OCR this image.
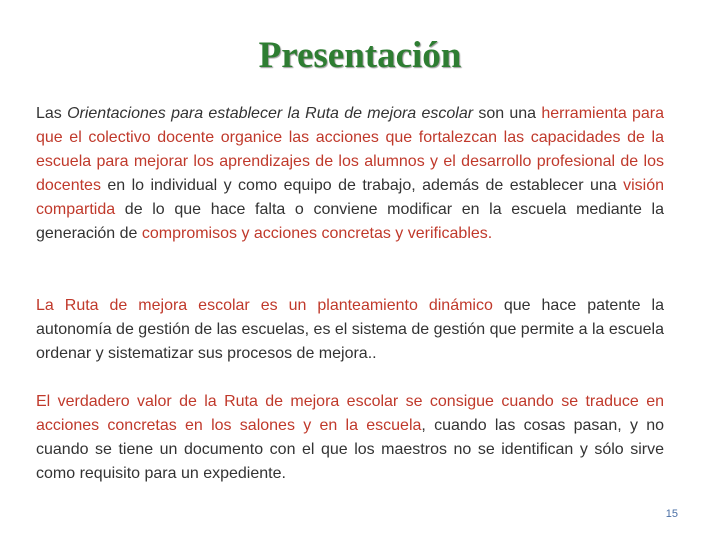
Presentación

Las Orientaciones para establecer la Ruta de mejora escolar son una herramienta para que el colectivo docente organice las acciones que fortalezcan las capacidades de la escuela para mejorar los aprendizajes de los alumnos y el desarrollo profesional de los docentes en lo individual y como equipo de trabajo, además de establecer una visión compartida de lo que hace falta o conviene modificar en la escuela mediante la generación de compromisos y acciones concretas y verificables.

La Ruta de mejora escolar es un planteamiento dinámico que hace patente la autonomía de gestión de las escuelas, es el sistema de gestión que permite a la escuela ordenar y sistematizar sus procesos de mejora..

El verdadero valor de la Ruta de mejora escolar se consigue cuando se traduce en acciones concretas en los salones y en la escuela, cuando las cosas pasan, y no cuando se tiene un documento con el que los maestros no se identifican y sólo sirve como requisito para un expediente.

15
